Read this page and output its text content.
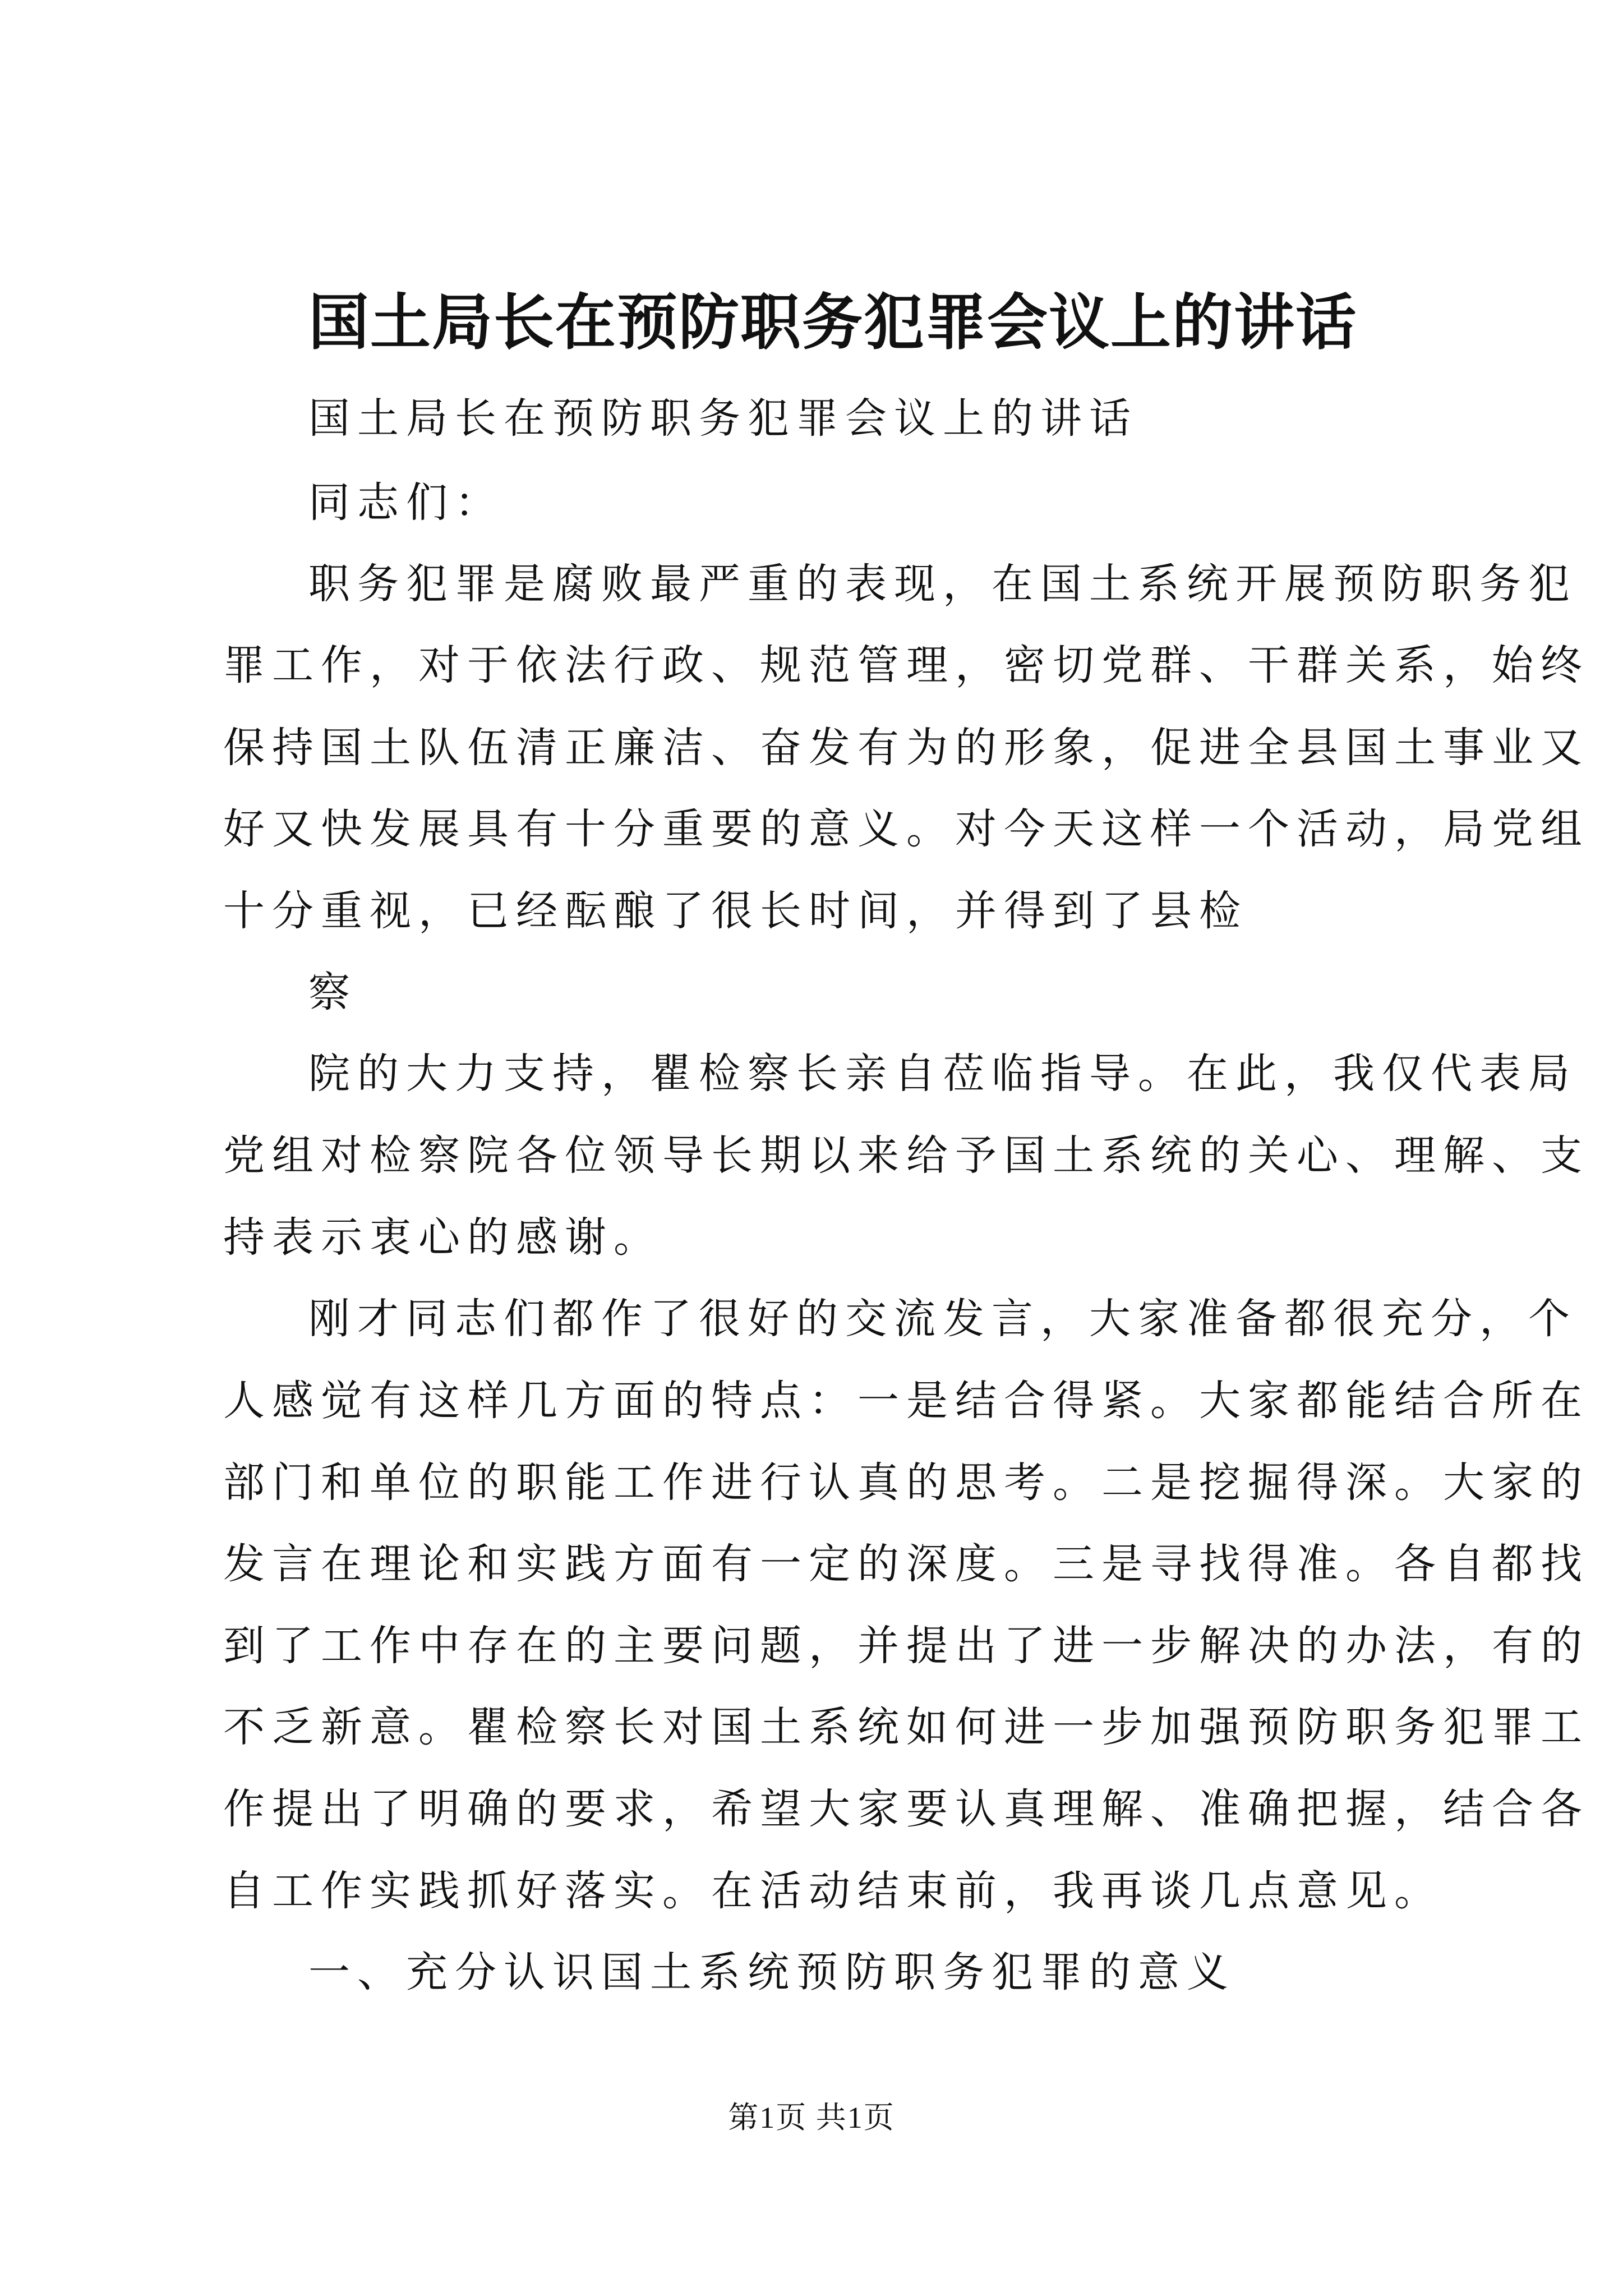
国土局长在预防职务犯罪会议上的讲话
国土局长在预防职务犯罪会议上的讲话
同志们：
职务犯罪是腐败最严重的表现，在国土系统开展预防职务犯
罪工作，对于依法行政、规范管理，密切党群、干群关系，始终
保持国土队伍清正廉洁、奋发有为的形象，促进全县国土事业又
好又快发展具有十分重要的意义。对今天这样一个活动，局党组
十分重视，已经酝酿了很长时间，并得到了县检
察
院的大力支持，瞿检察长亲自莅临指导。在此，我仅代表局
党组对检察院各位领导长期以来给予国土系统的关心、理解、支
持表示衷心的感谢。
刚才同志们都作了很好的交流发言，大家准备都很充分，个
人感觉有这样几方面的特点：一是结合得紧。大家都能结合所在
部门和单位的职能工作进行认真的思考。二是挖掘得深。大家的
发言在理论和实践方面有一定的深度。三是寻找得准。各自都找
到了工作中存在的主要问题，并提出了进一步解决的办法，有的
不乏新意。瞿检察长对国土系统如何进一步加强预防职务犯罪工
作提出了明确的要求，希望大家要认真理解、准确把握，结合各
自工作实践抓好落实。在活动结束前，我再谈几点意见。
一、充分认识国土系统预防职务犯罪的意义
第1页 共1页
